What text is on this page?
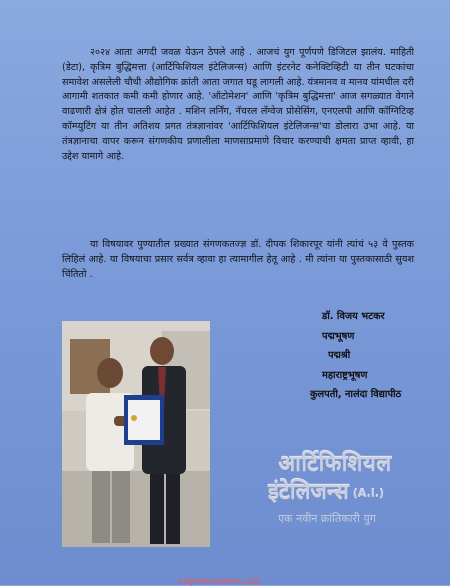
२०२४ आता अगदी जवळ येऊन ठेपले आहे . आजचं युग पूर्णपणे डिजिटल झालंय. माहिती (डेटा), कृत्रिम बुद्धिमत्ता (आर्टिफिशियल इंटेलिजन्स) आणि इंटरनेट कनेक्टिव्हिटी या तीन घटकांचा समावेश असलेली चौथी औद्योगिक क्रांती आता जगात घडू लागली आहे. यंत्रमानव व मानव यांमधील दरी आगामी शतकात कमी कमी होणार आहे. 'ऑटोमेशन' आणि 'कृत्रिम बुद्धिमत्ता' आज सगळ्यात वेगाने वाढणारी क्षेत्रं होत चालली आहेत . मशिन लर्निंग, नॅचरल लँग्वेज प्रोसेसिंग, एनएलपी आणि कॉग्निटिव्ह कॉम्प्युटिंग या तीन अतिशय प्रगत तंत्रज्ञानांवर 'आर्टिफिशियल इंटेलिजन्स'चा डोलारा उभा आहे. या तंत्रज्ञानाचा वापर करून संगणकीय प्रणालीला माणसाप्रमाणे विचार करण्याची क्षमता प्राप्त व्हावी, हा उद्देश यामागे आहे.

या विषयावर पुण्यातील प्रख्यात संगणकतज्ज्ञ डॉ. दीपक शिकारपूर यांनी त्यांचं ५३ वे पुस्तक लिहिलं आहे. या विषयाचा प्रसार सर्वत्र व्हावा हा त्यामागील हेतू आहे . मी त्यांना या पुस्तकासाठी सुयश चिंतितो .

डॉ. विजय भटकर
पद्मभूषण
पद्मश्री
महाराष्ट्रभूषण
कुलपती, नालंदा विद्यापीठ
आर्टिफिशियल
इंटेलिजन्स (A.I.)
एक नवीन क्रांतिकारी युग
majesticreaders.com
